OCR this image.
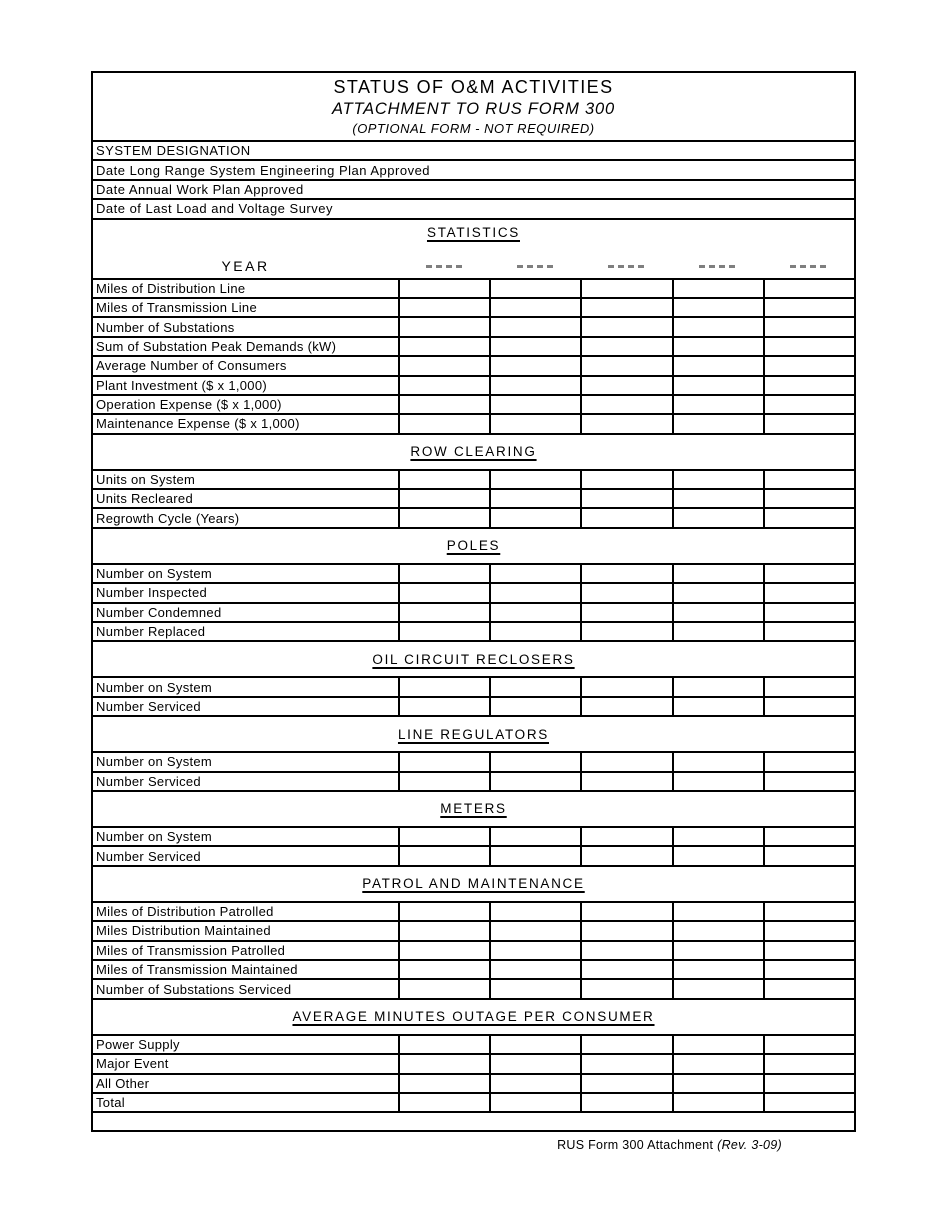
STATUS OF O&M ACTIVITIES
ATTACHMENT TO RUS FORM 300
(OPTIONAL FORM - NOT REQUIRED)
SYSTEM DESIGNATION
Date Long Range System Engineering Plan Approved
Date Annual Work Plan Approved
Date of Last Load and Voltage Survey
STATISTICS
YEAR
Miles of Distribution Line
Miles of Transmission Line
Number of Substations
Sum of Substation Peak Demands (kW)
Average Number of Consumers
Plant Investment ($ x 1,000)
Operation Expense ($ x 1,000)
Maintenance Expense ($ x 1,000)
ROW CLEARING
Units on System
Units Recleared
Regrowth Cycle (Years)
POLES
Number on System
Number Inspected
Number Condemned
Number Replaced
OIL CIRCUIT RECLOSERS
Number on System
Number Serviced
LINE REGULATORS
Number on System
Number Serviced
METERS
Number on System
Number Serviced
PATROL AND MAINTENANCE
Miles of Distribution Patrolled
Miles Distribution Maintained
Miles of Transmission Patrolled
Miles of Transmission Maintained
Number of Substations Serviced
AVERAGE MINUTES OUTAGE PER CONSUMER
Power Supply
Major Event
All Other
Total
RUS Form 300 Attachment (Rev. 3-09)
